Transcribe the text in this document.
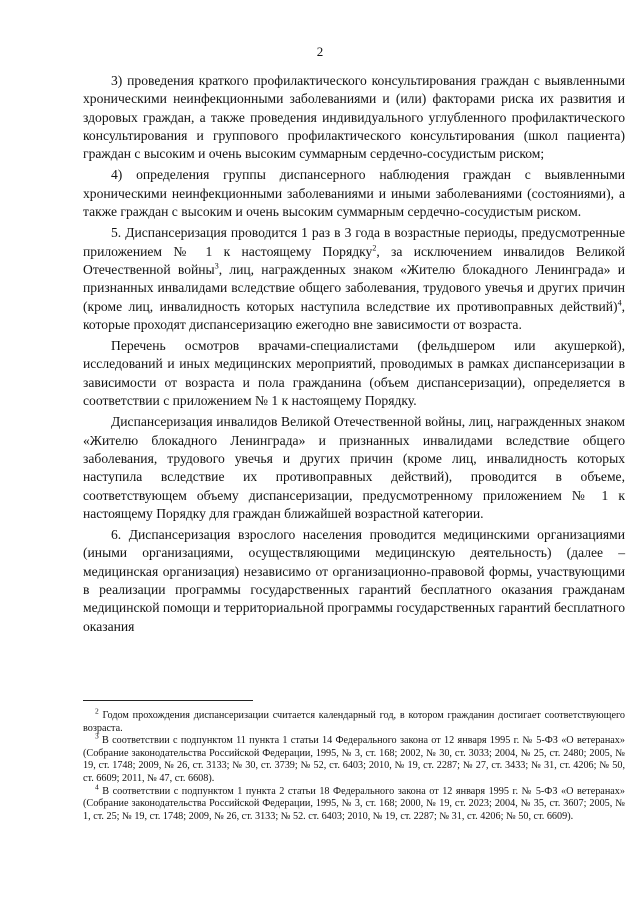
2

3) проведения краткого профилактического консультирования граждан с выявленными хроническими неинфекционными заболеваниями и (или) факторами риска их развития и здоровых граждан, а также проведения индивидуального углубленного профилактического консультирования и группового профилактического консультирования (школ пациента) граждан с высоким и очень высоким суммарным сердечно-сосудистым риском;

4) определения группы диспансерного наблюдения граждан с выявленными хроническими неинфекционными заболеваниями и иными заболеваниями (состояниями), а также граждан с высоким и очень высоким суммарным сердечно-сосудистым риском.

5. Диспансеризация проводится 1 раз в 3 года в возрастные периоды, предусмотренные приложением № 1 к настоящему Порядку$^2$, за исключением инвалидов Великой Отечественной войны$^3$, лиц, награжденных знаком «Жителю блокадного Ленинграда» и признанных инвалидами вследствие общего заболевания, трудового увечья и других причин (кроме лиц, инвалидность которых наступила вследствие их противоправных действий)$^4$, которые проходят диспансеризацию ежегодно вне зависимости от возраста.

Перечень осмотров врачами-специалистами (фельдшером или акушеркой), исследований и иных медицинских мероприятий, проводимых в рамках диспансеризации в зависимости от возраста и пола гражданина (объем диспансеризации), определяется в соответствии с приложением № 1 к настоящему Порядку.

Диспансеризация инвалидов Великой Отечественной войны, лиц, награжденных знаком «Жителю блокадного Ленинграда» и признанных инвалидами вследствие общего заболевания, трудового увечья и других причин (кроме лиц, инвалидность которых наступила вследствие их противоправных действий), проводится в объеме, соответствующем объему диспансеризации, предусмотренному приложением № 1 к настоящему Порядку для граждан ближайшей возрастной категории.

6. Диспансеризация взрослого населения проводится медицинскими организациями (иными организациями, осуществляющими медицинскую деятельность) (далее – медицинская организация) независимо от организационно-правовой формы, участвующими в реализации программы государственных гарантий бесплатного оказания гражданам медицинской помощи и территориальной программы государственных гарантий бесплатного оказания

$^2$ Годом прохождения диспансеризации считается календарный год, в котором гражданин достигает соответствующего возраста.

$^3$ В соответствии с подпунктом 11 пункта 1 статьи 14 Федерального закона от 12 января 1995 г. № 5-ФЗ «О ветеранах» (Собрание законодательства Российской Федерации, 1995, № 3, ст. 168; 2002, № 30, ст. 3033; 2004, № 25, ст. 2480; 2005, № 19, ст. 1748; 2009, № 26, ст. 3133; № 30, ст. 3739; № 52, ст. 6403; 2010, № 19, ст. 2287; № 27, ст. 3433; № 31, ст. 4206; № 50, ст. 6609; 2011, № 47, ст. 6608).

$^4$ В соответствии с подпунктом 1 пункта 2 статьи 18 Федерального закона от 12 января 1995 г. № 5-ФЗ «О ветеранах» (Собрание законодательства Российской Федерации, 1995, № 3, ст. 168; 2000, № 19, ст. 2023; 2004, № 35, ст. 3607; 2005, № 1, ст. 25; № 19, ст. 1748; 2009, № 26, ст. 3133; № 52. ст. 6403; 2010, № 19, ст. 2287; № 31, ст. 4206; № 50, ст. 6609).
